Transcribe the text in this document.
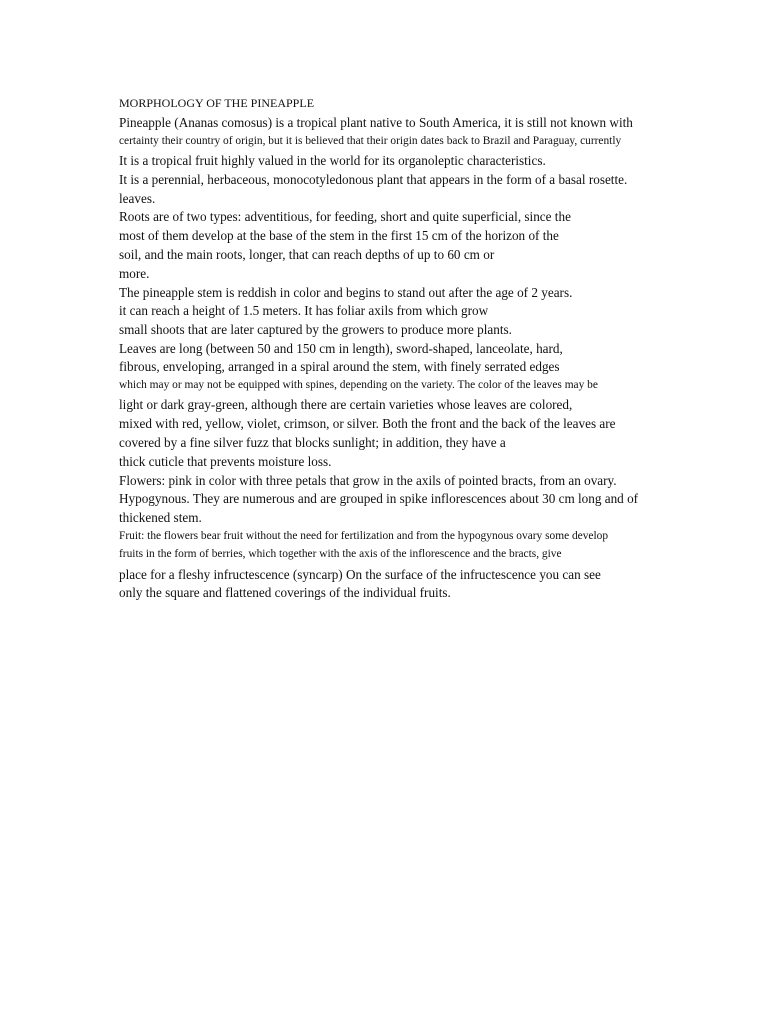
MORPHOLOGY OF THE PINEAPPLE
Pineapple (Ananas comosus) is a tropical plant native to South America, it is still not known with
certainty their country of origin, but it is believed that their origin dates back to Brazil and Paraguay, currently
It is a tropical fruit highly valued in the world for its organoleptic characteristics.
It is a perennial, herbaceous, monocotyledonous plant that appears in the form of a basal rosette.
leaves.
Roots are of two types: adventitious, for feeding, short and quite superficial, since the
most of them develop at the base of the stem in the first 15 cm of the horizon of the
soil, and the main roots, longer, that can reach depths of up to 60 cm or
more.
The pineapple stem is reddish in color and begins to stand out after the age of 2 years.
it can reach a height of 1.5 meters. It has foliar axils from which grow
small shoots that are later captured by the growers to produce more plants.
Leaves are long (between 50 and 150 cm in length), sword-shaped, lanceolate, hard,
fibrous, enveloping, arranged in a spiral around the stem, with finely serrated edges
which may or may not be equipped with spines, depending on the variety. The color of the leaves may be
light or dark gray-green, although there are certain varieties whose leaves are colored,
mixed with red, yellow, violet, crimson, or silver. Both the front and the back of the leaves are
covered by a fine silver fuzz that blocks sunlight; in addition, they have a
thick cuticle that prevents moisture loss.
Flowers: pink in color with three petals that grow in the axils of pointed bracts, from an ovary.
Hypogynous. They are numerous and are grouped in spike inflorescences about 30 cm long and of
thickened stem.
Fruit: the flowers bear fruit without the need for fertilization and from the hypogynous ovary some develop
fruits in the form of berries, which together with the axis of the inflorescence and the bracts, give
place for a fleshy infructescence (syncarp) On the surface of the infructescence you can see
only the square and flattened coverings of the individual fruits.
